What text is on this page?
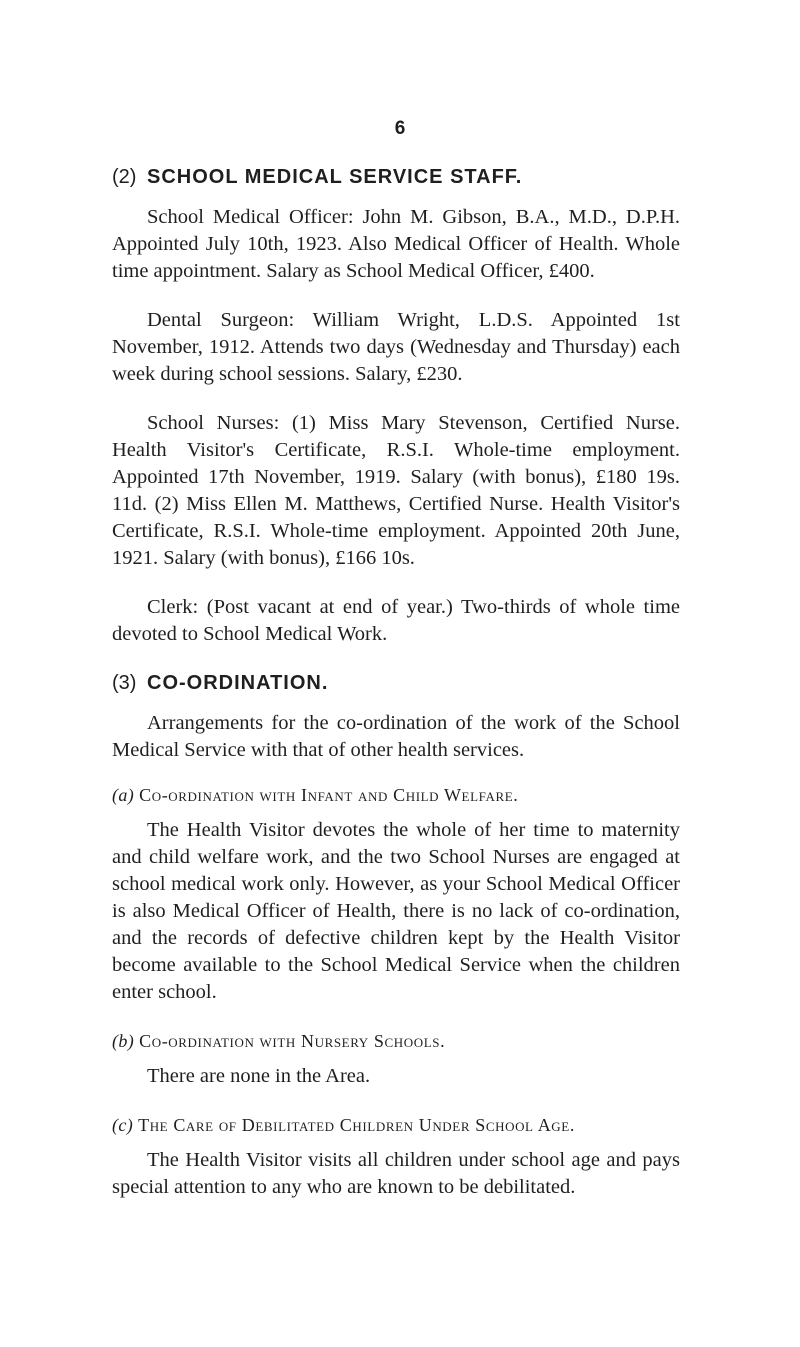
6
(2) SCHOOL MEDICAL SERVICE STAFF.

School Medical Officer: John M. Gibson, B.A., M.D., D.P.H. Appointed July 10th, 1923. Also Medical Officer of Health. Whole time appointment. Salary as School Medical Officer, £400.

Dental Surgeon: William Wright, L.D.S. Appointed 1st November, 1912. Attends two days (Wednesday and Thursday) each week during school sessions. Salary, £230.

School Nurses: (1) Miss Mary Stevenson, Certified Nurse. Health Visitor's Certificate, R.S.I. Whole-time employment. Appointed 17th November, 1919. Salary (with bonus), £180 19s. 11d. (2) Miss Ellen M. Matthews, Certified Nurse. Health Visitor's Certificate, R.S.I. Whole-time employment. Appointed 20th June, 1921. Salary (with bonus), £166 10s.

Clerk: (Post vacant at end of year.) Two-thirds of whole time devoted to School Medical Work.

(3) CO-ORDINATION.

Arrangements for the co-ordination of the work of the School Medical Service with that of other health services.

(a) Co-ordination with Infant and Child Welfare.

The Health Visitor devotes the whole of her time to maternity and child welfare work, and the two School Nurses are engaged at school medical work only. However, as your School Medical Officer is also Medical Officer of Health, there is no lack of co-ordination, and the records of defective children kept by the Health Visitor become available to the School Medical Service when the children enter school.

(b) Co-ordination with Nursery Schools.

There are none in the Area.

(c) The Care of Debilitated Children Under School Age.

The Health Visitor visits all children under school age and pays special attention to any who are known to be debilitated.
